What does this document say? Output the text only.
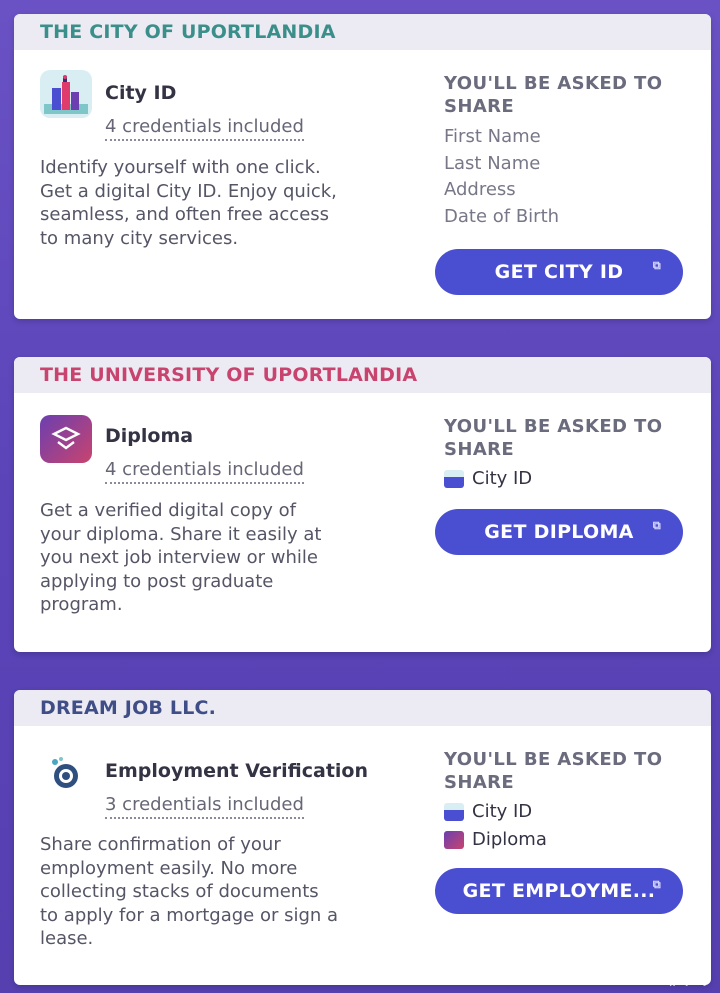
THE CITY OF UPORTLANDIA
City ID
4 credentials included
Identify yourself with one click.
Get a digital City ID. Enjoy quick,
seamless, and often free access
to many city services.
YOU'LL BE ASKED TO
SHARE
First Name
Last Name
Address
Date of Birth
GET CITY ID	⧉
THE UNIVERSITY OF UPORTLANDIA
Diploma
4 credentials included
Get a verified digital copy of
your diploma. Share it easily at
you next job interview or while
applying to post graduate
program.
YOU'LL BE ASKED TO
SHARE
City ID
GET DIPLOMA ⧉
DREAM JOB LLC.
Employment Verification
3 credentials included
Share confirmation of your
employment easily. No more
collecting stacks of documents
to apply for a mortgage or sign a
lease.
YOU'LL BE ASKED TO
SHARE
City ID
Diploma
GET EMPLOYME...
⧉
非小号
